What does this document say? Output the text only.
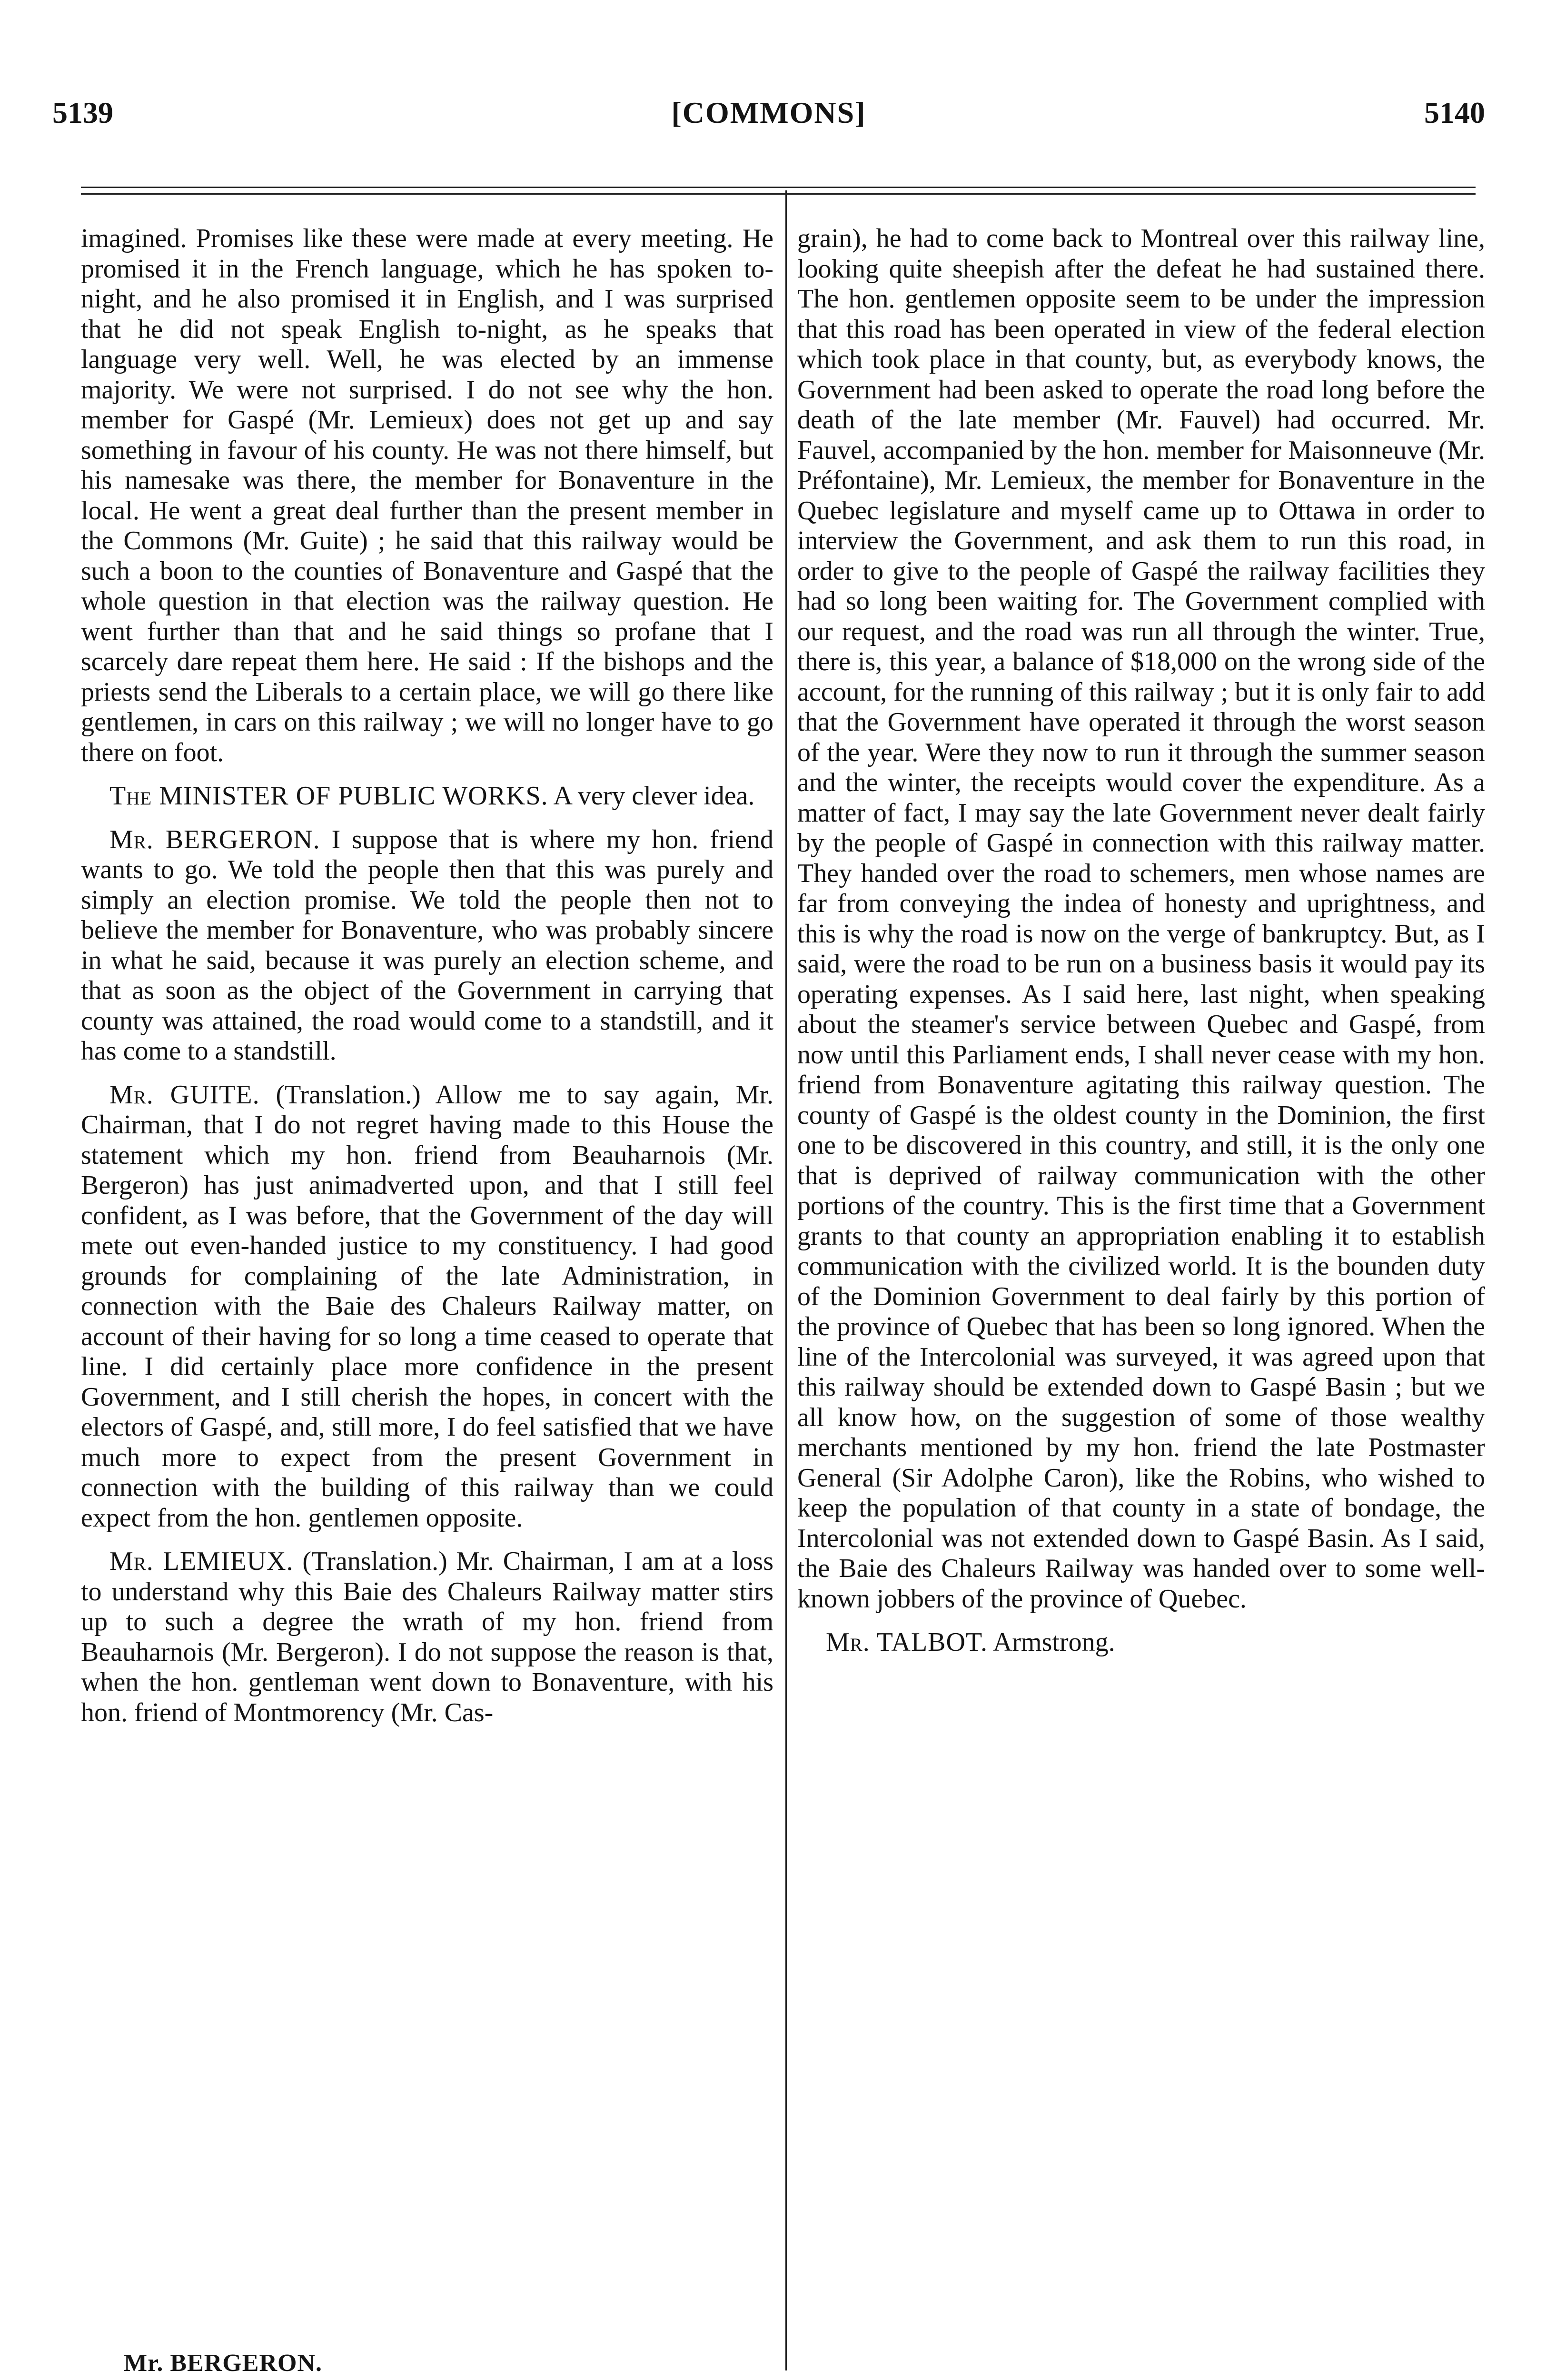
5139	[COMMONS]	5140

imagined. Promises like these were made at every meeting. He promised it in the French language, which he has spoken to-night, and he also promised it in English, and I was surprised that he did not speak English to-night, as he speaks that language very well. Well, he was elected by an immense majority. We were not surprised. I do not see why the hon. member for Gaspé (Mr. Lemieux) does not get up and say something in favour of his county. He was not there himself, but his namesake was there, the member for Bonaventure in the local. He went a great deal further than the present member in the Commons (Mr. Guite) ; he said that this railway would be such a boon to the counties of Bonaventure and Gaspé that the whole question in that election was the railway question. He went further than that and he said things so profane that I scarcely dare repeat them here. He said : If the bishops and the priests send the Liberals to a certain place, we will go there like gentlemen, in cars on this railway ; we will no longer have to go there on foot.

The MINISTER OF PUBLIC WORKS. A very clever idea.

Mr. BERGERON. I suppose that is where my hon. friend wants to go. We told the people then that this was purely and simply an election promise. We told the people then not to believe the member for Bonaventure, who was probably sincere in what he said, because it was purely an election scheme, and that as soon as the object of the Government in carrying that county was attained, the road would come to a standstill, and it has come to a standstill.

Mr. GUITE. (Translation.) Allow me to say again, Mr. Chairman, that I do not regret having made to this House the statement which my hon. friend from Beauharnois (Mr. Bergeron) has just animadverted upon, and that I still feel confident, as I was before, that the Government of the day will mete out even-handed justice to my constituency. I had good grounds for complaining of the late Administration, in connection with the Baie des Chaleurs Railway matter, on account of their having for so long a time ceased to operate that line. I did certainly place more confidence in the present Government, and I still cherish the hopes, in concert with the electors of Gaspé, and, still more, I do feel satisfied that we have much more to expect from the present Government in connection with the building of this railway than we could expect from the hon. gentlemen opposite.

Mr. LEMIEUX. (Translation.) Mr. Chairman, I am at a loss to understand why this Baie des Chaleurs Railway matter stirs up to such a degree the wrath of my hon. friend from Beauharnois (Mr. Bergeron). I do not suppose the reason is that, when the hon. gentleman went down to Bonaventure, with his hon. friend of Montmorency (Mr. Cas-

grain), he had to come back to Montreal over this railway line, looking quite sheepish after the defeat he had sustained there. The hon. gentlemen opposite seem to be under the impression that this road has been operated in view of the federal election which took place in that county, but, as everybody knows, the Government had been asked to operate the road long before the death of the late member (Mr. Fauvel) had occurred. Mr. Fauvel, accompanied by the hon. member for Maisonneuve (Mr. Préfontaine), Mr. Lemieux, the member for Bonaventure in the Quebec legislature and myself came up to Ottawa in order to interview the Government, and ask them to run this road, in order to give to the people of Gaspé the railway facilities they had so long been waiting for. The Government complied with our request, and the road was run all through the winter. True, there is, this year, a balance of $18,000 on the wrong side of the account, for the running of this railway ; but it is only fair to add that the Government have operated it through the worst season of the year. Were they now to run it through the summer season and the winter, the receipts would cover the expenditure. As a matter of fact, I may say the late Government never dealt fairly by the people of Gaspé in connection with this railway matter. They handed over the road to schemers, men whose names are far from conveying the indea of honesty and uprightness, and this is why the road is now on the verge of bankruptcy. But, as I said, were the road to be run on a business basis it would pay its operating expenses. As I said here, last night, when speaking about the steamer's service between Quebec and Gaspé, from now until this Parliament ends, I shall never cease with my hon. friend from Bonaventure agitating this railway question. The county of Gaspé is the oldest county in the Dominion, the first one to be discovered in this country, and still, it is the only one that is deprived of railway communication with the other portions of the country. This is the first time that a Government grants to that county an appropriation enabling it to establish communication with the civilized world. It is the bounden duty of the Dominion Government to deal fairly by this portion of the province of Quebec that has been so long ignored. When the line of the Intercolonial was surveyed, it was agreed upon that this railway should be extended down to Gaspé Basin ; but we all know how, on the suggestion of some of those wealthy merchants mentioned by my hon. friend the late Postmaster General (Sir Adolphe Caron), like the Robins, who wished to keep the population of that county in a state of bondage, the Intercolonial was not extended down to Gaspé Basin. As I said, the Baie des Chaleurs Railway was handed over to some well-known jobbers of the province of Quebec.

Mr. TALBOT. Armstrong.

Mr. BERGERON.
